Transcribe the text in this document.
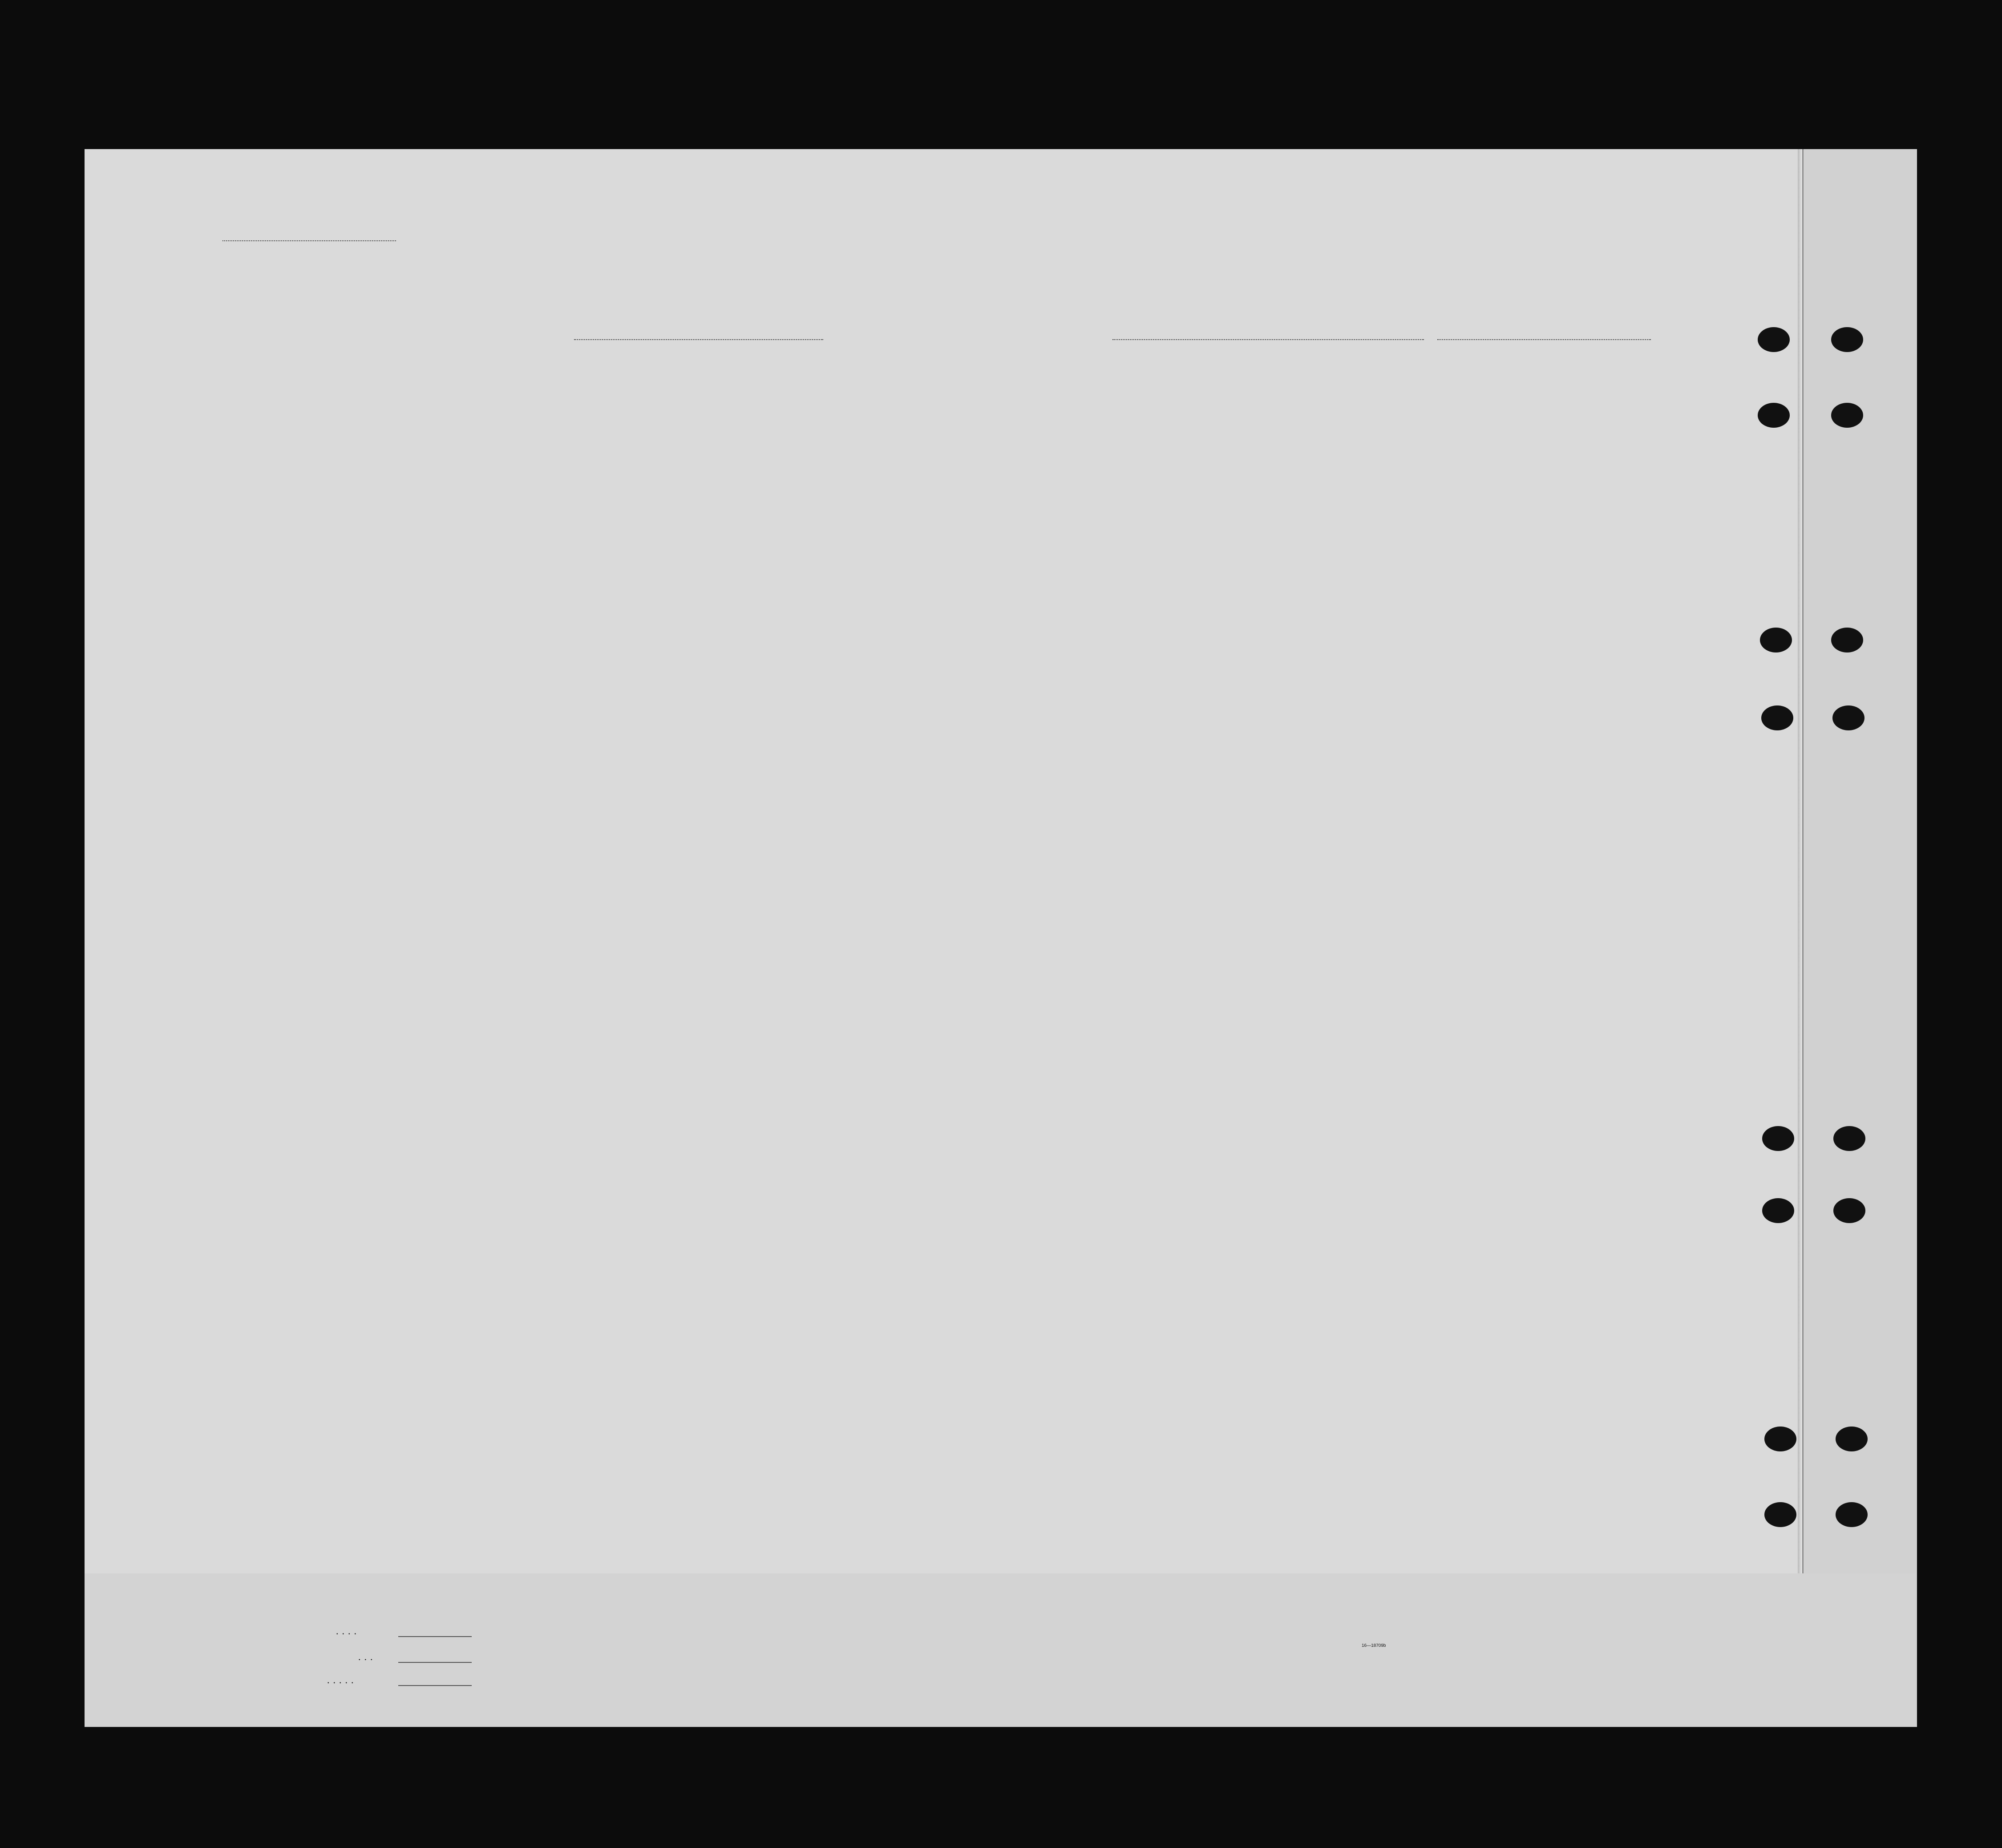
....
...
.....
16—18709b
